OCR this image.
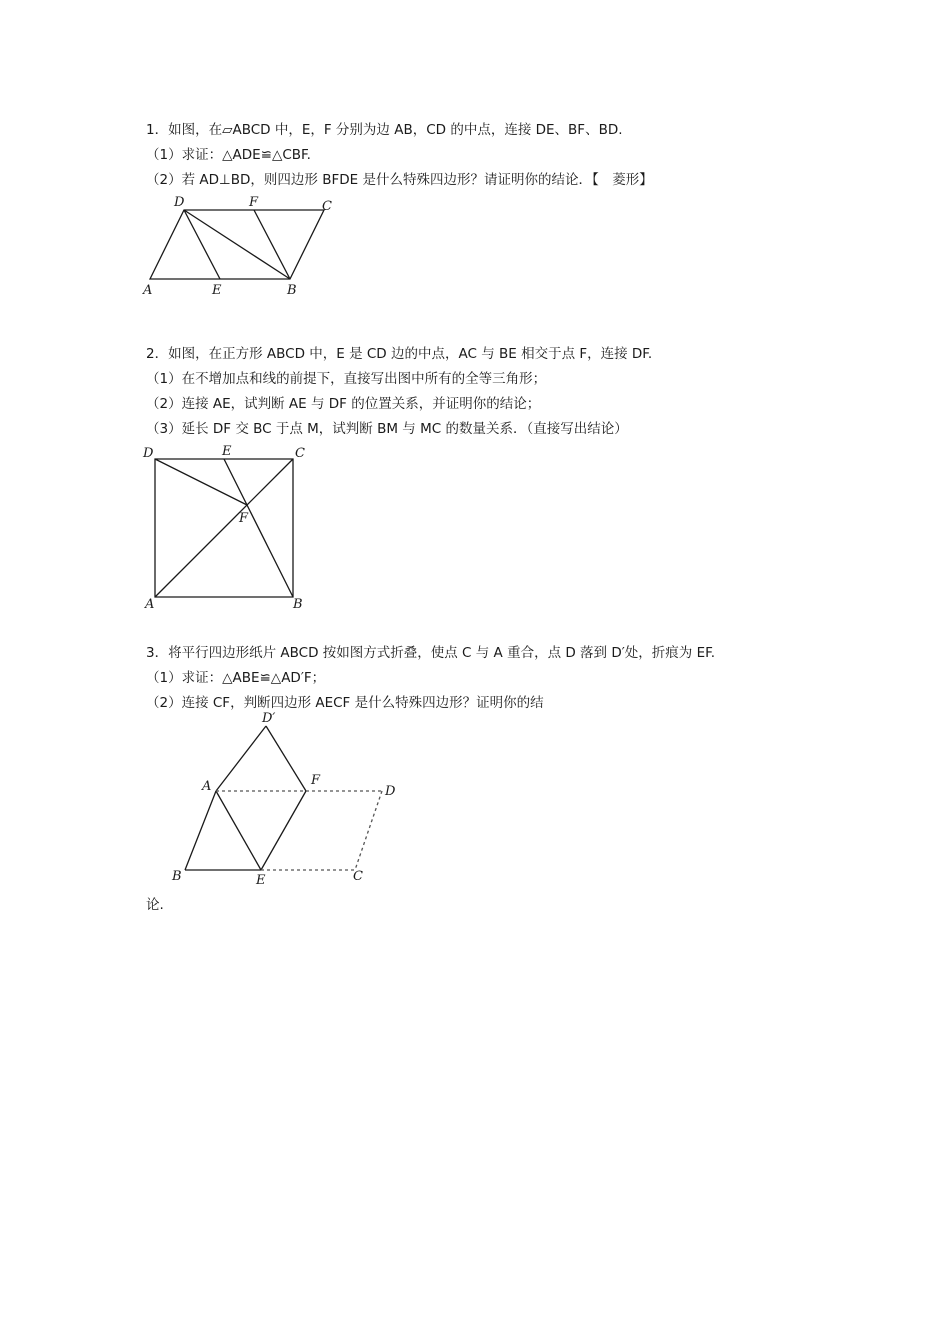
1．如图，在▱ABCD 中，E，F 分别为边 AB，CD 的中点，连接 DE、BF、BD.
（1）求证：△ADE≌△CBF.
（2）若 AD⊥BD，则四边形 BFDE 是什么特殊四边形？请证明你的结论．【　菱形】
D	F	C
A	E	B
2．如图，在正方形 ABCD 中，E 是 CD 边的中点，AC 与 BE 相交于点 F，连接 DF.
（1）在不增加点和线的前提下，直接写出图中所有的全等三角形；
（2）连接 AE，试判断 AE 与 DF 的位置关系，并证明你的结论；
（3）延长 DF 交 BC 于点 M，试判断 BM 与 MC 的数量关系．（直接写出结论）
D	E	C
F
A	B
3．将平行四边形纸片 ABCD 按如图方式折叠，使点 C 与 A 重合，点 D 落到 D′处，折痕为 EF.
（1）求证：△ABE≌△AD′F；
（2）连接 CF，判断四边形 AECF 是什么特殊四边形？证明你的结
D′
A	F
D
B	E	C
论.
